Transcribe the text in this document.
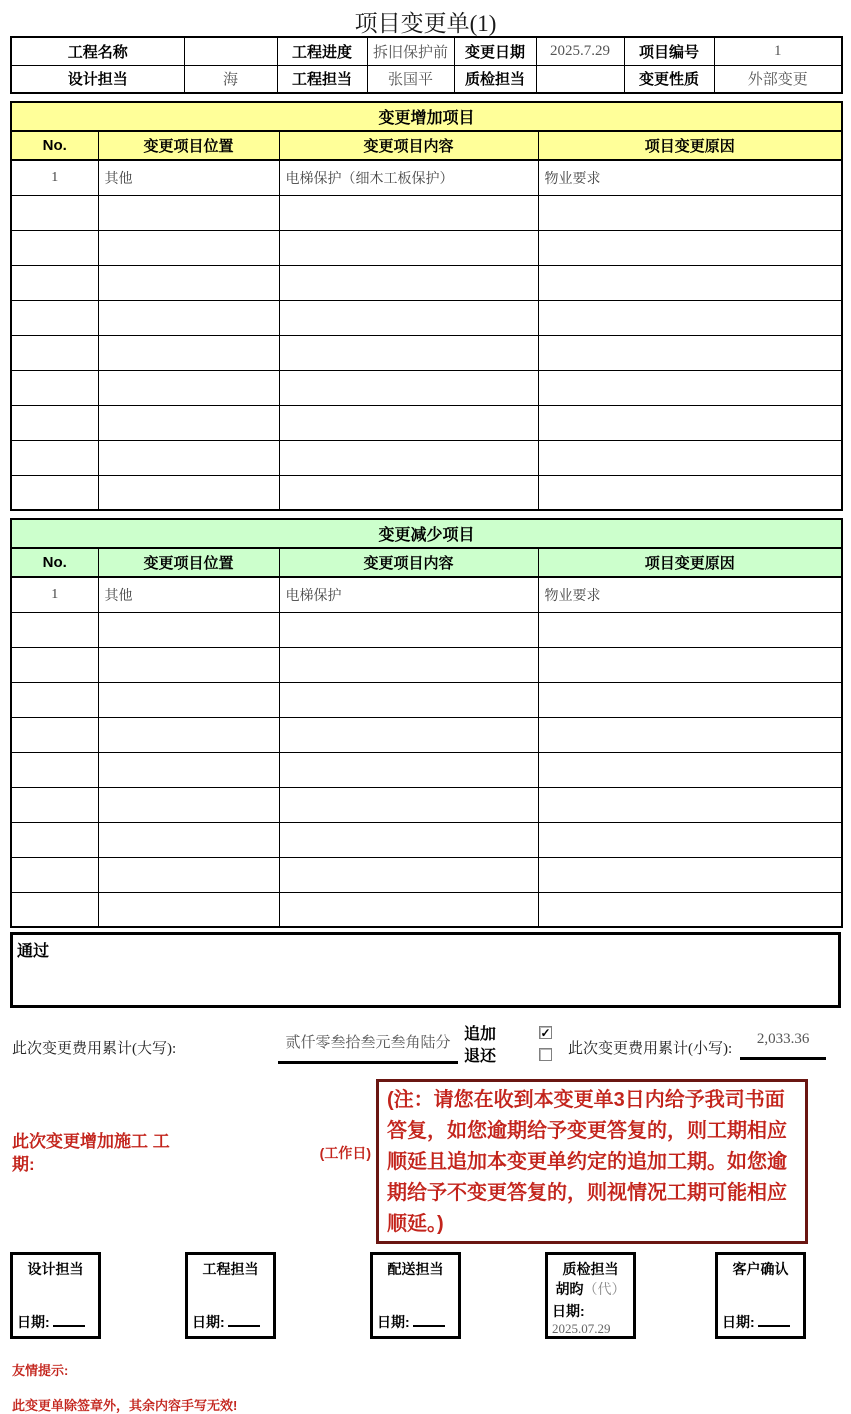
项目变更单(1)
工程名称		工程进度	拆旧保护前	变更日期	2025.7.29	项目编号	1
设计担当	海	工程担当	张国平	质检担当		变更性质	外部变更
变更增加项目			
No.	变更项目位置	变更项目内容	项目变更原因
1	其他	电梯保护（细木工板保护）	物业要求

变更减少项目			
No.	变更项目位置	变更项目内容	项目变更原因
1	其他	电梯保护	物业要求

通过
此次变更费用累计(大写):	贰仟零叁拾叁元叁角陆分
追加	✓
退还	此次变更费用累计(小写):
2,033.36
此次变更增加施工 工期:
(工作日)
(注：请您在收到本变更单3日内给予我司书面答复，如您逾期给予变更答复的，则工期相应顺延且追加本变更单约定的追加工期。如您逾期给予不变更答复的，则视情况工期可能相应顺延。)
设计担当
日期:
工程担当
日期:
配送担当
日期:
质检担当
胡昀（代）
日期:
2025.07.29
客户确认
日期:
友情提示:
此变更单除签章外，其余内容手写无效!
